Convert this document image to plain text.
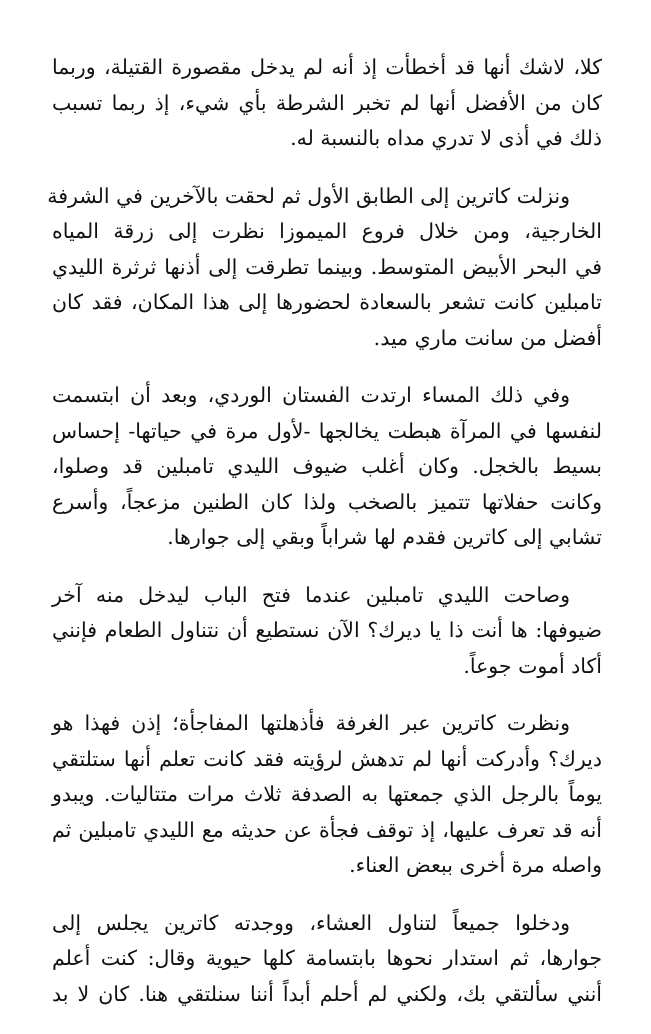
كلا، لاشك أنها قد أخطأت إذ أنه لم يدخل مقصورة القتيلة، وربما
كان من الأفضل أنها لم تخبر الشرطة بأي شيء، إذ ربما تسبب
ذلك في أذى لا تدري مداه بالنسبة له.

ونزلت كاترين إلى الطابق الأول ثم لحقت بالآخرين في الشرفة
الخارجية، ومن خلال فروع الميموزا نظرت إلى زرقة المياه
في البحر الأبيض المتوسط. وبينما تطرقت إلى أذنها ثرثرة الليدي
تامبلين كانت تشعر بالسعادة لحضورها إلى هذا المكان، فقد كان
أفضل من سانت ماري ميد.

وفي ذلك المساء ارتدت الفستان الوردي، وبعد أن ابتسمت
لنفسها في المرآة هبطت يخالجها -لأول مرة في حياتها- إحساس
بسيط بالخجل. وكان أغلب ضيوف الليدي تامبلين قد وصلوا،
وكانت حفلاتها تتميز بالصخب ولذا كان الطنين مزعجاً، وأسرع
تشابي إلى كاترين فقدم لها شراباً وبقي إلى جوارها.

وصاحت الليدي تامبلين عندما فتح الباب ليدخل منه آخر
ضيوفها: ها أنت ذا يا ديرك؟ الآن نستطيع أن نتناول الطعام فإنني
أكاد أموت جوعاً.

ونظرت كاترين عبر الغرفة فأذهلتها المفاجأة؛ إذن فهذا هو
ديرك؟ وأدركت أنها لم تدهش لرؤيته فقد كانت تعلم أنها ستلتقي
يوماً بالرجل الذي جمعتها به الصدفة ثلاث مرات متتاليات. ويبدو
أنه قد تعرف عليها، إذ توقف فجأة عن حديثه مع الليدي تامبلين ثم
واصله مرة أخرى ببعض العناء.

ودخلوا جميعاً لتناول العشاء، ووجدته كاترين يجلس إلى
جوارها، ثم استدار نحوها بابتسامة كلها حيوية وقال: كنت أعلم
أنني سألتقي بك، ولكني لم أحلم أبداً أننا سنلتقي هنا. كان لا بد
